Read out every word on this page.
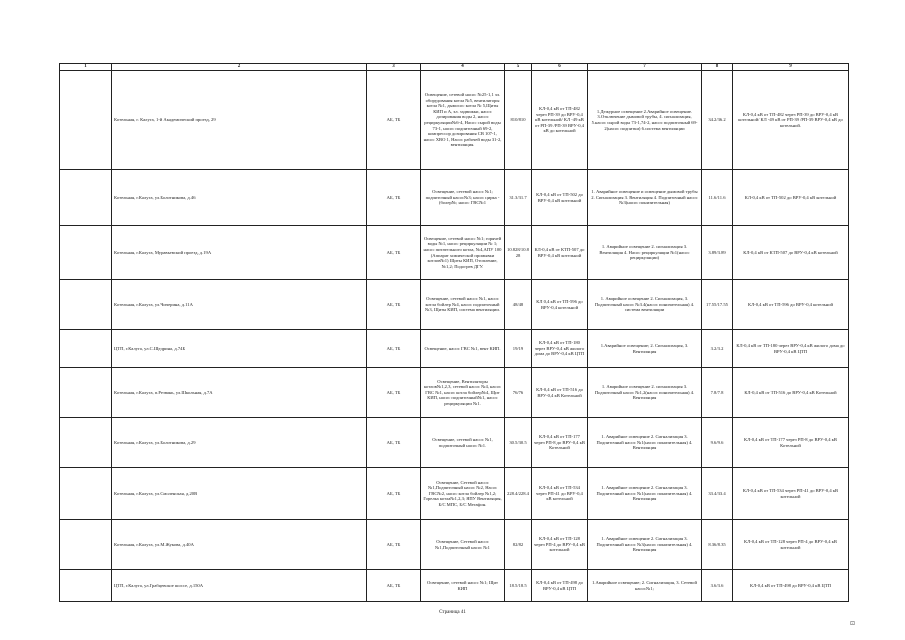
1	2	3	4	5	6	7	8	9
	Котельная, г. Калуга, 1-й Академический проезд, 29	АБ, ТБ	Освещение, сетевой насос №25-1,1 эл. оборудования котла №5, вентиляторы котла №1, дымосос котла № 5,Щиты КИП и А, эл. задвижки, насос дозирования воды 2, насос рециркуляции№6-4, Насос сырой воды 73-1, насос подпиточный 69-2, компрессор дозирования СВ 107-1, насос ХВО 1, Насос рабочей воды 31-2, вентиляция.	810/810	КЛ-0,4 кВ от ТП-482 через РП-39 до ВРУ-0,4 кВ котельной/ КЛ -49 кВ от РП-39 /РП-39 ВРУ-0,4 кВ до котельной	1.Дежурное освещение 2.Аварийное освещение. 3.Отключение дымовой трубы, 4. сигнализация, 5.насос сырой воды 73-1,74-2, насос подпиточный 69-2(насос подпитки) 6.система вентиляции	34.2/36.2	КЛ-0,4 кВ от ТП-482 через РП-39 до ВРУ-0,4 кВ котельной/ КЛ -49 кВ от РП-39 /РП-39 ВРУ-0,4 кВ до котельной.
	Котельная, г.Калуга, ул.Болотникова, д.46	АБ, ТБ	Освещение, сетевой насос №1; подпиточный насос№3; насос цирка - (болер№; насос ГВС№1	31.3/31.7	КЛ-0,4 кВ от ТП-502 до ВРУ-0,4 кВ котельной	1. Аварийное освещение и освещение дымовой трубы 2. Сигнализация 3. Вентиляция 4. Подпиточный насос №3(насос понизительная)	11.6/11.6	КЛ-0,4 кВ от ТП-502 до ВРУ-0,4 кВ котельной
	Котельная, г.Калуга, Муравьевский проезд, д.19А	АБ, ТБ	Освещение, сетевой насос №1; горячей воды №1, насос рециркуляции № 1; насос питательного котла, №4,АПУ 100 (Аппарат химической промывки котлов№1) Щиты КИП, Отопление,№1,2; Подогрев ДГУ.	10.828/10.828	КЛ-0,4 кВ от КТП-507 до ВРУ-0,4 кВ котельной	1. Аварийное освещение 2. сигнализация 3. Вентиляция 4. Насос рециркуляции №1(насос рециркуляции)	3.89/3.89	КЛ-0,4 кВ от КТП-507 до ВРУ-0,4 кВ котельной
	Котельная, г.Калуга, ул.Чичерина, д.11А	АБ, ТБ	Освещение, сетевой насос №1, насос котла бойлер №4, насос подпиточный №3, Щиты КИП, система вентиляции.	48/48	КЛ 0,4 кВ от ТП-596 до ВРУ-0,4 котельной	1. Аварийное освещение 2. Сигнализация, 3. Подпиточный насос №3.4(насос понизительная) 4. система вентиляции	17.55/17.55	КЛ-0,4 кВ от ТП-596 до ВРУ-0,4 котельной
	ЦТП, г.Калуга, ул.С.Щедрина, д.74Б	АБ, ТБ	Освещение, насос ГВС №1, вент КИП.	19/19	КЛ-0,4 кВ от ТП-180 через ВРУ-0,4 кВ жилого дома до ВРУ-0,4 кВ ЦТП	1.Аварийное освещение; 2. Сигнализация, 3. Вентиляция	3.2/3.2	КЛ-0,4 кВ от ТП-180 через ВРУ-0,4 кВ жилого дома до ВРУ-0,4 кВ ЦТП
	Котельная, г.Калуга, п.Резвань, ул.Школьная, д.7А	АБ, ТБ	Освещение, Вентиляторы котлов№1,2,3, сетевой насос №4, насос ГВС №1, насос котла бойлер№4, Щит КИП, насос подпиточный№1, насос рециркуляции №1.	76/76	КЛ-0,4 кВ от ТП-516 до ВРУ-0,4 кВ Котельной	1. Аварийное освещение 2. сигнализация 3. Подпиточный насос №1,2(насос понизительная) 4. Вентиляция	7.8/7.8	КЛ-0,4 кВ от ТП-516 до ВРУ-0,4 кВ Котельной
	Котельная, г.Калуга, ул.Болотникова, д.29	АБ, ТБ	Освещение, сетевой насос №1, подпиточный насос №1.	30.5/30.5	КЛ-0,4 кВ от ТП-177 через РП-8 до ВРУ-0,4 кВ Котельной	1. Аварийное освещение 2. Сигнализация 3. Подпиточный насос №1(насос понизительная) 4. Вентиляция	9.6/9.6	КЛ-0,4 кВ от ТП-177 через РП-8 до ВРУ-0,4 кВ Котельной
	Котельная, г.Калуга, ул.Смоленская, д.20В	АБ, ТБ	Освещение, Сетевой насос №1,Подпиточный насос №2, Насос ГВС№2, насос котла бойлер №1,2; Горелка котла№1,2,3; ЯПУ Вентиляция, Б/С МПС, Б/С Мегафон.	228.4/228.4	КЛ-0,4 кВ от ТП-534 через РП-41 до ВРУ-0,4 кВ котельной	1. Аварийное освещение 2. Сигнализация 3. Подпиточный насос №1(насос понизительная) 4. Вентиляция	33.4/33.4	КЛ-0,4 кВ от ТП-534 через РП-41 до ВРУ-0,4 кВ котельной
	Котельная, г.Калуга, ул.М.Жукова, д.40А	АБ, ТБ	Освещение, Сетевой насос №1,Подпиточный насос №1	82/82	КЛ-0,4 кВ от ТП-128 через РП-4 до ВРУ-0,4 кВ котельной	1. Аварийное освещение 2. Сигнализация 3. Подпиточный насос №3(насос понизительная) 4. Вентиляция	8.36/8.35	КЛ-0,4 кВ от ТП-128 через РП-4 до ВРУ-0,4 кВ котельной
	ЦТП, г.Калуга, ул.Грабцевское шоссе, д.150А	АБ, ТБ	Освещение, сетевой насос №1; Щит КИП	18.5/18.5	КЛ-0,4 кВ от ТП-498 до ВРУ-0,4 кВ ЦТП	1.Аварийное освещение; 2. Сигнализация, 3. Сетевой насос№1;	3.6/3.6	КЛ-0,4 кВ от ТП-498 до ВРУ-0,4 кВ ЦТП
Страница 41
⊡
